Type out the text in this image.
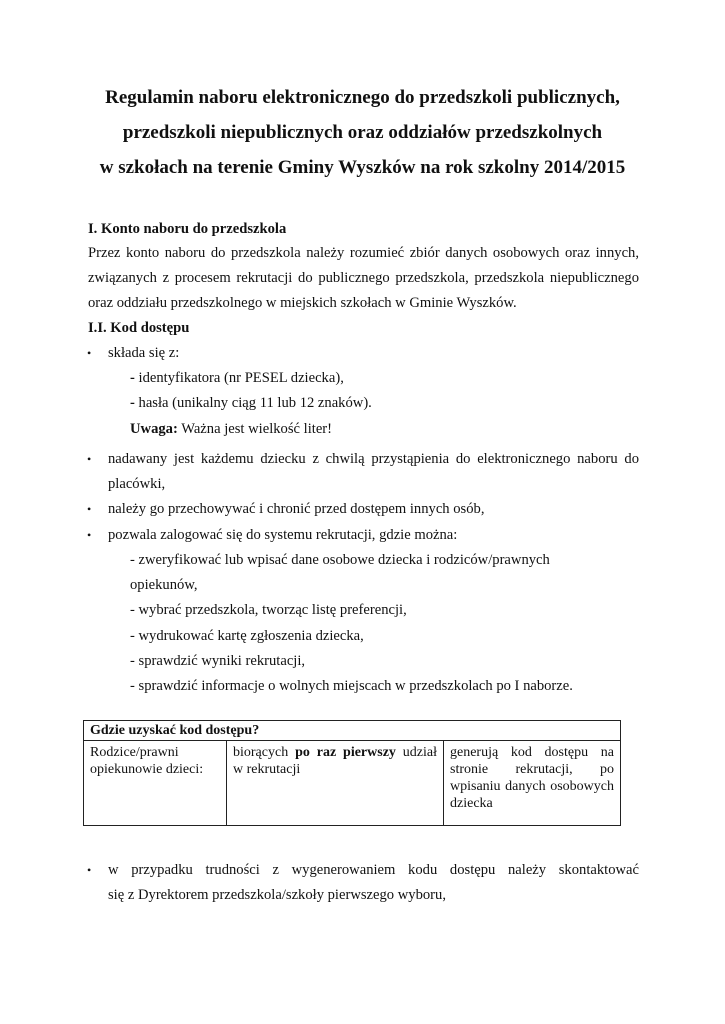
Regulamin naboru elektronicznego do przedszkoli publicznych,
przedszkoli niepublicznych oraz oddziałów przedszkolnych
w szkołach na terenie Gminy Wyszków na rok szkolny 2014/2015
I. Konto naboru do przedszkola
Przez konto naboru do przedszkola należy rozumieć zbiór danych osobowych oraz innych,
związanych z procesem rekrutacji do publicznego przedszkola, przedszkola niepublicznego
oraz oddziału przedszkolnego w miejskich szkołach w Gminie Wyszków.
I.I. Kod dostępu
• składa się z:
- identyfikatora (nr PESEL dziecka),
- hasła (unikalny ciąg 11 lub 12 znaków).
Uwaga: Ważna jest wielkość liter!
• nadawany jest każdemu dziecku z chwilą przystąpienia do elektronicznego naboru do
placówki,
• należy go przechowywać i chronić przed dostępem innych osób,
• pozwala zalogować się do systemu rekrutacji, gdzie można:
- zweryfikować lub wpisać dane osobowe dziecka i rodziców/prawnych
opiekunów,
- wybrać przedszkola, tworząc listę preferencji,
- wydrukować kartę zgłoszenia dziecka,
- sprawdzić wyniki rekrutacji,
- sprawdzić informacje o wolnych miejscach w przedszkolach po I naborze.
Gdzie uzyskać kod dostępu?
Rodzice/prawni opiekunowie dzieci:	biorących po raz pierwszy udział w rekrutacji	generują kod dostępu na stronie rekrutacji, po wpisaniu danych osobowych dziecka
• w przypadku trudności z wygenerowaniem kodu dostępu należy skontaktować
się z Dyrektorem przedszkola/szkoły pierwszego wyboru,
